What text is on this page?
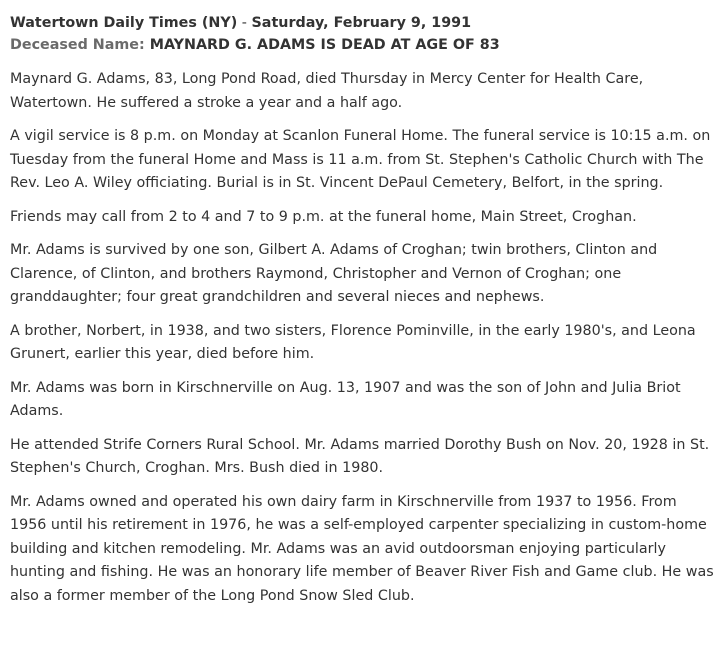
Watertown Daily Times (NY) - Saturday, February 9, 1991
Deceased Name: MAYNARD G. ADAMS IS DEAD AT AGE OF 83

Maynard G. Adams, 83, Long Pond Road, died Thursday in Mercy Center for Health Care, Watertown. He suffered a stroke a year and a half ago.

A vigil service is 8 p.m. on Monday at Scanlon Funeral Home. The funeral service is 10:15 a.m. on Tuesday from the funeral Home and Mass is 11 a.m. from St. Stephen's Catholic Church with The Rev. Leo A. Wiley officiating. Burial is in St. Vincent DePaul Cemetery, Belfort, in the spring.

Friends may call from 2 to 4 and 7 to 9 p.m. at the funeral home, Main Street, Croghan.

Mr. Adams is survived by one son, Gilbert A. Adams of Croghan; twin brothers, Clinton and Clarence, of Clinton, and brothers Raymond, Christopher and Vernon of Croghan; one granddaughter; four great grandchildren and several nieces and nephews.

A brother, Norbert, in 1938, and two sisters, Florence Pominville, in the early 1980's, and Leona Grunert, earlier this year, died before him.

Mr. Adams was born in Kirschnerville on Aug. 13, 1907 and was the son of John and Julia Briot Adams.

He attended Strife Corners Rural School. Mr. Adams married Dorothy Bush on Nov. 20, 1928 in St. Stephen's Church, Croghan. Mrs. Bush died in 1980.

Mr. Adams owned and operated his own dairy farm in Kirschnerville from 1937 to 1956. From 1956 until his retirement in 1976, he was a self-employed carpenter specializing in custom-home building and kitchen remodeling. Mr. Adams was an avid outdoorsman enjoying particularly hunting and fishing. He was an honorary life member of Beaver River Fish and Game club. He was also a former member of the Long Pond Snow Sled Club.
